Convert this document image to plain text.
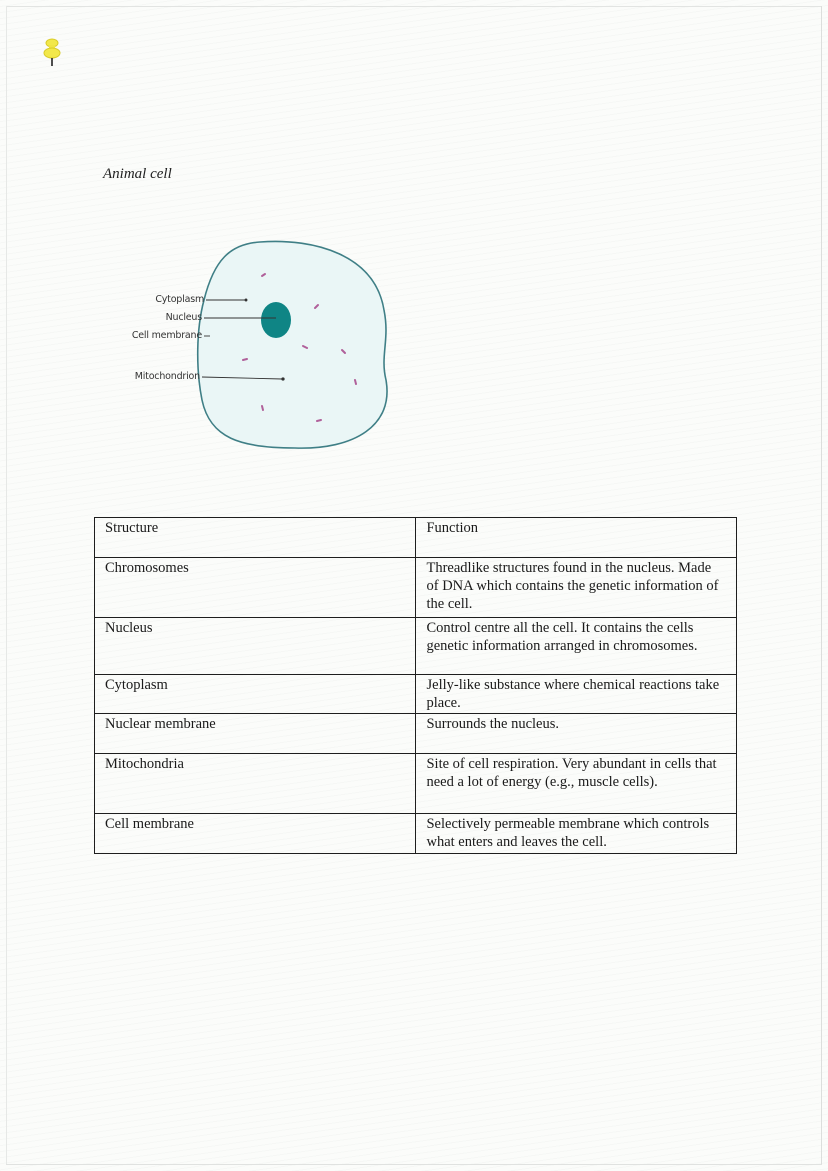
Animal cell
Cytoplasm
Nucleus
Cell membrane
Mitochondrion
Structure	Function
Chromosomes	Threadlike structures found in the nucleus. Made of DNA which contains the genetic information of the cell.
Nucleus	Control centre all the cell. It contains the cells genetic information arranged in chromosomes.
Cytoplasm	Jelly-like substance where chemical reactions take place.
Nuclear membrane	Surrounds the nucleus.
Mitochondria	Site of cell respiration. Very abundant in cells that need a lot of energy (e.g., muscle cells).
Cell membrane	Selectively permeable membrane which controls what enters and leaves the cell.
